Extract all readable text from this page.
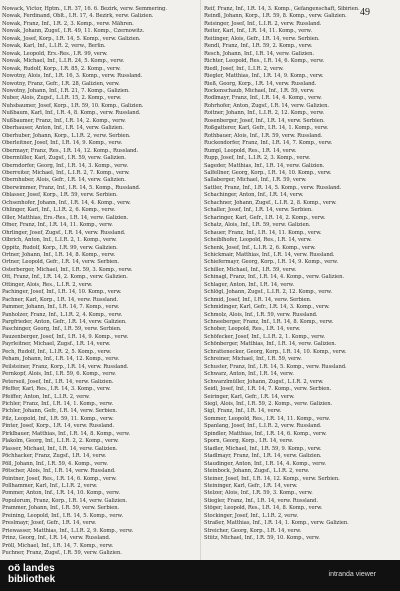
49
Nowack, Victor, Hptm., I.R. 37, 16. 6. Bezirk, verw. Semmering.
Nowak, Ferdinand, Oblt., I.R. 17, 4. Bezirk, verw. Galizien.
Nowak, Franz, Inf., I.R. 2, 3. Komp., verw. Mähren.
Nowak, Johann, Zugsf., I.R. 49, 11. Komp., Czernowitz.
Nowak, Josef, Korp., I.R. 14, 5. Komp., verw. Galizien.
Nowak, Karl, Inf., L.I.R. 2, verw., Berlin.
Nowak, Leopold, Ers.-Res., I.R. 99, verw.
Nowak, Michael, Inf., L.I.R. 24, 5. Komp., verw.
Nowak, Rudolf, Korp., I.R. 85, 2. Komp., verw.
Nowotny, Alois, Inf., I.R. 16, 3. Komp., verw. Russland.
Nowotny, Franz, Gefr., I.R. 28, Galizien, verw.
Nowotny, Johann, Inf., I.R. 21, 7. Komp., Galizien.
Nuber, Alois, Zugsf., L.I.R. 15, 2. Komp., verw.
Nuhsbaumer, Josef, Korp., I.R. 59, 10. Komp., Galizien.
Nußbaum, Karl, Inf., I.R. 4, 8. Komp., verw. Russland.
Nußbaumer, Franz, Inf., I.R. 14, 2. Komp., verw.
Oberhauser, Anton, Inf., I.R. 14, verw. Galizien.
Oberhuber, Johann, Korp., L.I.R. 2, verw. Serbien.
Oberleitner, Josef, Inf., I.R. 14, 9. Komp., verw.
Obermayr, Franz, Res., I.R. 14, 12. Komp., Russland.
Obermüller, Karl, Zugsf., I.R. 59, verw. Galizien.
Oberndorfer, Georg, Inf., I.R. 14, 3. Komp., verw.
Oberreiter, Michael, Inf., L.I.R. 2, 7. Komp., verw.
Obernhuber, Alois, Gefr., I.R. 14, verw. Galizien.
Oberwimmer, Franz, Inf., I.R. 14, 5. Komp., Russland.
Oblasser, Josef, Korp., I.R. 59, verw. Serbien.
Ochsenhofer, Johann, Inf., I.R. 14, 4. Komp., verw.
Öhlinger, Karl, Inf., L.I.R. 2, 6. Komp., verw.
Öller, Matthias, Ers.-Res., I.R. 14, verw. Galizien.
Ofner, Franz, Inf., I.R. 14, 11. Komp., verw.
Ohrlinger, Josef, Zugsf., I.R. 14, verw. Russland.
Olbrich, Anton, Inf., L.I.R. 2, 1. Komp., verw.
Oppitz, Rudolf, Korp., I.R. 99, verw. Galizien.
Ortner, Johann, Inf., I.R. 14, 8. Komp., verw.
Ortner, Leopold, Gefr., I.R. 14, verw. Serbien.
Osterberger, Michael, Inf., I.R. 59, 3. Komp., verw.
Ott, Franz, Inf., I.R. 14, 2. Komp., verw. Galizien.
Ottinger, Alois, Res., L.I.R. 2, verw.
Pachinger, Josef, Inf., I.R. 14, 10. Komp., verw.
Pachner, Karl, Korp., I.R. 14, verw. Russland.
Pammer, Johann, Inf., I.R. 14, 7. Komp., verw.
Panholzer, Franz, Inf., L.I.R. 2, 4. Komp., verw.
Pargfrieder, Anton, Gefr., I.R. 14, verw. Galizien.
Paschinger, Georg, Inf., I.R. 59, verw. Serbien.
Pauzenberger, Josef, Inf., I.R. 14, 9. Komp., verw.
Payrleitner, Michael, Zugsf., I.R. 14, verw.
Pech, Rudolf, Inf., L.I.R. 2, 5. Komp., verw.
Peham, Johann, Inf., I.R. 14, 12. Komp., verw.
Peilsteiner, Franz, Korp., I.R. 14, verw. Russland.
Pernkopf, Alois, Inf., I.R. 59, 6. Komp., verw.
Peterseil, Josef, Inf., I.R. 14, verw. Galizien.
Pfeffer, Karl, Res., I.R. 14, 3. Komp., verw.
Pfeiffer, Anton, Inf., L.I.R. 2, verw.
Pichler, Franz, Inf., I.R. 14, 1. Komp., verw.
Pichler, Johann, Gefr., I.R. 14, verw. Serbien.
Pilz, Leopold, Inf., I.R. 59, 11. Komp., verw.
Pinter, Josef, Korp., I.R. 14, verw. Russland.
Pirklbauer, Matthias, Inf., I.R. 14, 8. Komp., verw.
Plakolm, Georg, Inf., L.I.R. 2, 2. Komp., verw.
Plasser, Michael, Inf., I.R. 14, verw. Galizien.
Pöchhacker, Franz, Zugsf., I.R. 14, verw.
Pöll, Johann, Inf., I.R. 59, 4. Komp., verw.
Pötscher, Alois, Inf., I.R. 14, verw. Russland.
Pointner, Josef, Res., I.R. 14, 6. Komp., verw.
Pollhammer, Karl, Inf., L.I.R. 2, verw.
Pommer, Anton, Inf., I.R. 14, 10. Komp., verw.
Populorum, Franz, Korp., I.R. 14, verw. Galizien.
Prammer, Johann, Inf., I.R. 59, verw. Serbien.
Preining, Leopold, Inf., I.R. 14, 5. Komp., verw.
Preslmayr, Josef, Gefr., I.R. 14, verw.
Priewasser, Matthias, Inf., L.I.R. 2, 9. Komp., verw.
Prinz, Georg, Inf., I.R. 14, verw. Russland.
Pröll, Michael, Inf., I.R. 14, 7. Komp., verw.
Puchner, Franz, Zugsf., I.R. 59, verw. Galizien.
Reif, Franz, Inf., I.R. 14, 3. Komp., Gefangenschaft, Sibirien.
Reindl, Johann, Korp., I.R. 59, 8. Komp., verw. Galizien.
Reisinger, Josef, Inf., L.I.R. 2, verw. Russland.
Reiter, Karl, Inf., I.R. 14, 11. Komp., verw.
Reitinger, Alois, Gefr., I.R. 14, verw. Serbien.
Rendl, Franz, Inf., I.R. 59, 2. Komp., verw.
Resch, Johann, Inf., I.R. 14, verw. Galizien.
Richter, Leopold, Res., I.R. 14, 6. Komp., verw.
Riedl, Josef, Inf., L.I.R. 2, verw.
Riegler, Matthias, Inf., I.R. 14, 9. Komp., verw.
Rieß, Georg, Korp., I.R. 14, verw. Russland.
Rockenschaub, Michael, Inf., I.R. 59, verw.
Rodlmayr, Franz, Inf., I.R. 14, 4. Komp., verw.
Rohrhofer, Anton, Zugsf., I.R. 14, verw. Galizien.
Roitner, Johann, Inf., L.I.R. 2, 12. Komp., verw.
Rosenberger, Josef, Inf., I.R. 14, verw. Serbien.
Roßgatterer, Karl, Gefr., I.R. 14, 1. Komp., verw.
Rothbauer, Alois, Inf., I.R. 59, verw. Russland.
Ruckendorfer, Franz, Inf., I.R. 14, 7. Komp., verw.
Rumpl, Leopold, Res., I.R. 14, verw.
Rupp, Josef, Inf., L.I.R. 2, 3. Komp., verw.
Sageder, Matthias, Inf., I.R. 14, verw. Galizien.
Salfellner, Georg, Korp., I.R. 14, 10. Komp., verw.
Sallaberger, Michael, Inf., I.R. 59, verw.
Sattler, Franz, Inf., I.R. 14, 5. Komp., verw. Russland.
Schachinger, Anton, Inf., I.R. 14, verw.
Schachner, Johann, Zugsf., L.I.R. 2, 8. Komp., verw.
Schaller, Josef, Inf., I.R. 14, verw. Serbien.
Scharinger, Karl, Gefr., I.R. 14, 2. Komp., verw.
Schatz, Alois, Inf., I.R. 59, verw. Galizien.
Schauer, Franz, Inf., I.R. 14, 11. Komp., verw.
Scheiblhofer, Leopold, Res., I.R. 14, verw.
Schenk, Josef, Inf., L.I.R. 2, 6. Komp., verw.
Schickmair, Matthias, Inf., I.R. 14, verw. Russland.
Schiefermayr, Georg, Korp., I.R. 14, 9. Komp., verw.
Schiller, Michael, Inf., I.R. 59, verw.
Schinagl, Franz, Inf., I.R. 14, 4. Komp., verw. Galizien.
Schlager, Anton, Inf., I.R. 14, verw.
Schlögl, Johann, Zugsf., L.I.R. 2, 12. Komp., verw.
Schmid, Josef, Inf., I.R. 14, verw. Serbien.
Schmidinger, Karl, Gefr., I.R. 14, 3. Komp., verw.
Schmolz, Alois, Inf., I.R. 59, verw. Russland.
Schneeberger, Franz, Inf., I.R. 14, 8. Komp., verw.
Schober, Leopold, Res., I.R. 14, verw.
Schöfecker, Josef, Inf., L.I.R. 2, 1. Komp., verw.
Schönberger, Matthias, Inf., I.R. 14, verw. Galizien.
Schrattenecker, Georg, Korp., I.R. 14, 10. Komp., verw.
Schreiner, Michael, Inf., I.R. 59, verw.
Schuster, Franz, Inf., I.R. 14, 5. Komp., verw. Russland.
Schwarz, Anton, Inf., I.R. 14, verw.
Schwarzlmüller, Johann, Zugsf., L.I.R. 2, verw.
Seidl, Josef, Inf., I.R. 14, 7. Komp., verw. Serbien.
Seiringer, Karl, Gefr., I.R. 14, verw.
Siegl, Alois, Inf., I.R. 59, 2. Komp., verw. Galizien.
Sigl, Franz, Inf., I.R. 14, verw.
Sommer, Leopold, Res., I.R. 14, 11. Komp., verw.
Spanlang, Josef, Inf., L.I.R. 2, verw. Russland.
Spindler, Matthias, Inf., I.R. 14, 6. Komp., verw.
Sporn, Georg, Korp., I.R. 14, verw.
Stadler, Michael, Inf., I.R. 59, 9. Komp., verw.
Stadlmayr, Franz, Inf., I.R. 14, verw. Galizien.
Staudinger, Anton, Inf., I.R. 14, 4. Komp., verw.
Steinbock, Johann, Zugsf., L.I.R. 2, verw.
Steiner, Josef, Inf., I.R. 14, 12. Komp., verw. Serbien.
Steininger, Karl, Gefr., I.R. 14, verw.
Stelzer, Alois, Inf., I.R. 59, 3. Komp., verw.
Stiegler, Franz, Inf., I.R. 14, verw. Russland.
Stöger, Leopold, Res., I.R. 14, 8. Komp., verw.
Stockinger, Josef, Inf., L.I.R. 2, verw.
Straßer, Matthias, Inf., I.R. 14, 1. Komp., verw. Galizien.
Streicher, Georg, Korp., I.R. 14, verw.
Stütz, Michael, Inf., I.R. 59, 10. Komp., verw.
oö landes
bibliothek	intranda viewer
